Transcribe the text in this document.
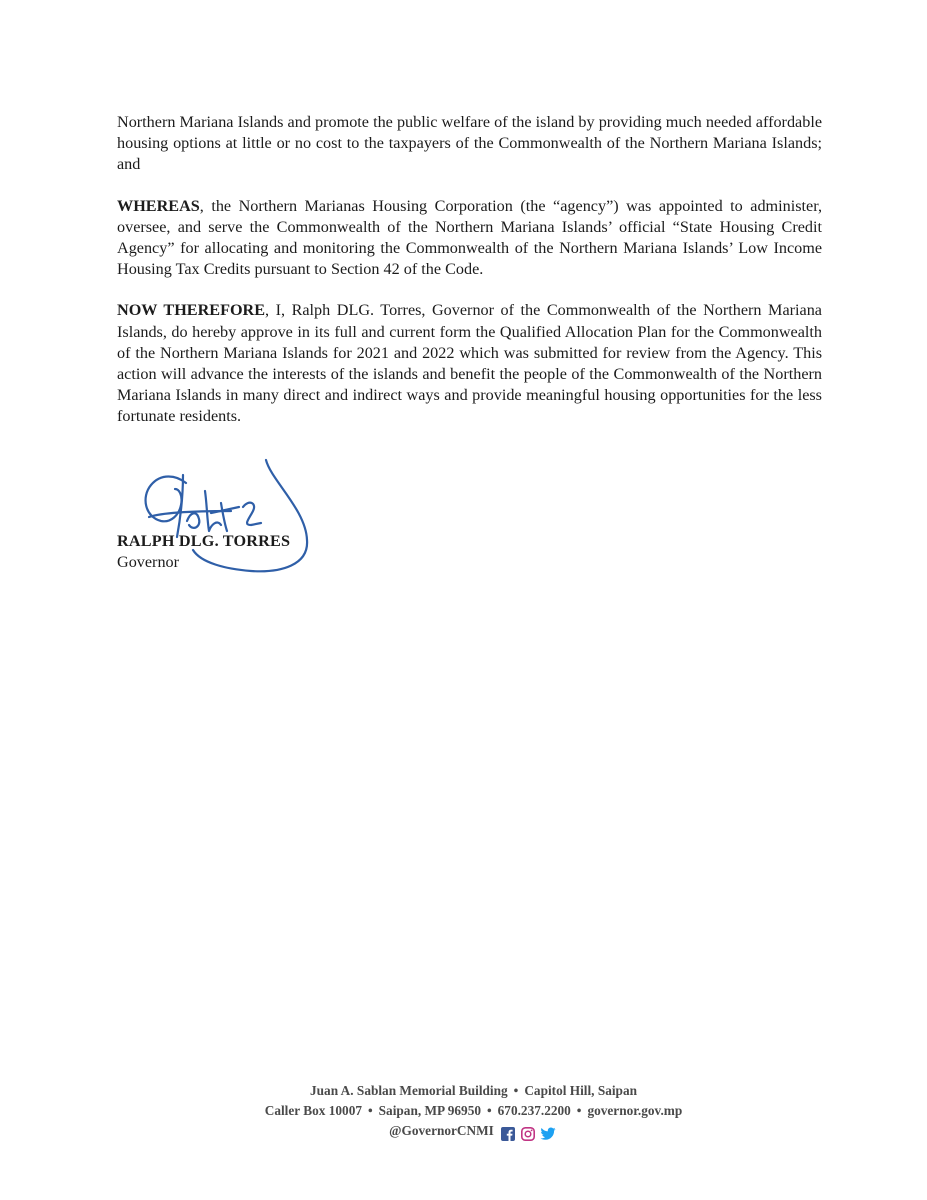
Northern Mariana Islands and promote the public welfare of the island by providing much needed affordable housing options at little or no cost to the taxpayers of the Commonwealth of the Northern Mariana Islands; and

WHEREAS, the Northern Marianas Housing Corporation (the “agency”) was appointed to administer, oversee, and serve the Commonwealth of the Northern Mariana Islands’ official “State Housing Credit Agency” for allocating and monitoring the Commonwealth of the Northern Mariana Islands’ Low Income Housing Tax Credits pursuant to Section 42 of the Code.

NOW THEREFORE, I, Ralph DLG. Torres, Governor of the Commonwealth of the Northern Mariana Islands, do hereby approve in its full and current form the Qualified Allocation Plan for the Commonwealth of the Northern Mariana Islands for 2021 and 2022 which was submitted for review from the Agency. This action will advance the interests of the islands and benefit the people of the Commonwealth of the Northern Mariana Islands in many direct and indirect ways and provide meaningful housing opportunities for the less fortunate residents.

RALPH DLG. TORRES
Governor
Juan A. Sablan Memorial Building • Capitol Hill, Saipan
Caller Box 10007 • Saipan, MP 96950 • 670.237.2200 • governor.gov.mp
@GovernorCNMI
